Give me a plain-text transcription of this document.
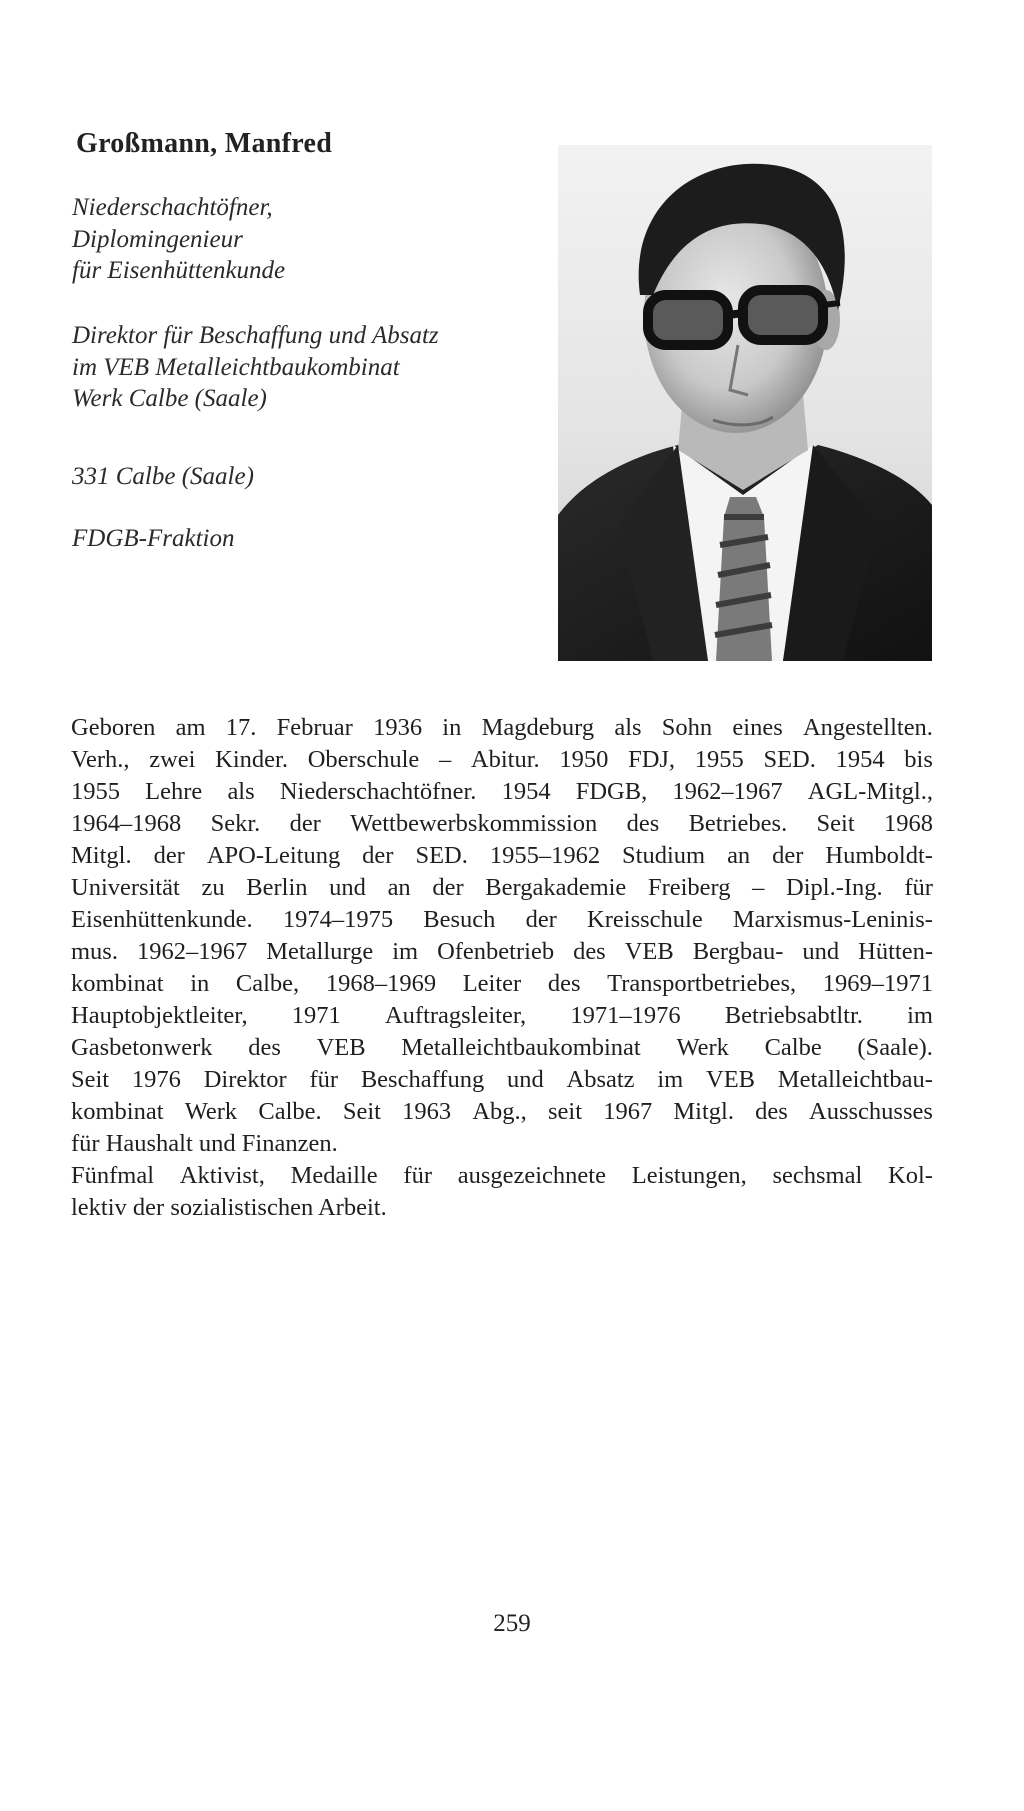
Großmann, Manfred
Niederschachtöfner,
Diplomingenieur
für Eisenhüttenkunde
Direktor für Beschaffung und Absatz
im VEB Metalleichtbaukombinat
Werk Calbe (Saale)
331 Calbe (Saale)
FDGB-Fraktion
Geboren am 17. Februar 1936 in Magdeburg als Sohn eines Angestellten.
Verh., zwei Kinder. Oberschule – Abitur. 1950 FDJ, 1955 SED. 1954 bis
1955 Lehre als Niederschachtöfner. 1954 FDGB, 1962–1967 AGL-Mitgl.,
1964–1968 Sekr. der Wettbewerbskommission des Betriebes. Seit 1968
Mitgl. der APO-Leitung der SED. 1955–1962 Studium an der Humboldt-
Universität zu Berlin und an der Bergakademie Freiberg – Dipl.-Ing. für
Eisenhüttenkunde. 1974–1975 Besuch der Kreisschule Marxismus-Leninis-
mus. 1962–1967 Metallurge im Ofenbetrieb des VEB Bergbau- und Hütten-
kombinat in Calbe, 1968–1969 Leiter des Transportbetriebes, 1969–1971
Hauptobjektleiter, 1971 Auftragsleiter, 1971–1976 Betriebsabtltr. im
Gasbetonwerk des VEB Metalleichtbaukombinat Werk Calbe (Saale).
Seit 1976 Direktor für Beschaffung und Absatz im VEB Metalleichtbau-
kombinat Werk Calbe. Seit 1963 Abg., seit 1967 Mitgl. des Ausschusses
für Haushalt und Finanzen.
Fünfmal Aktivist, Medaille für ausgezeichnete Leistungen, sechsmal Kol-
lektiv der sozialistischen Arbeit.
259
